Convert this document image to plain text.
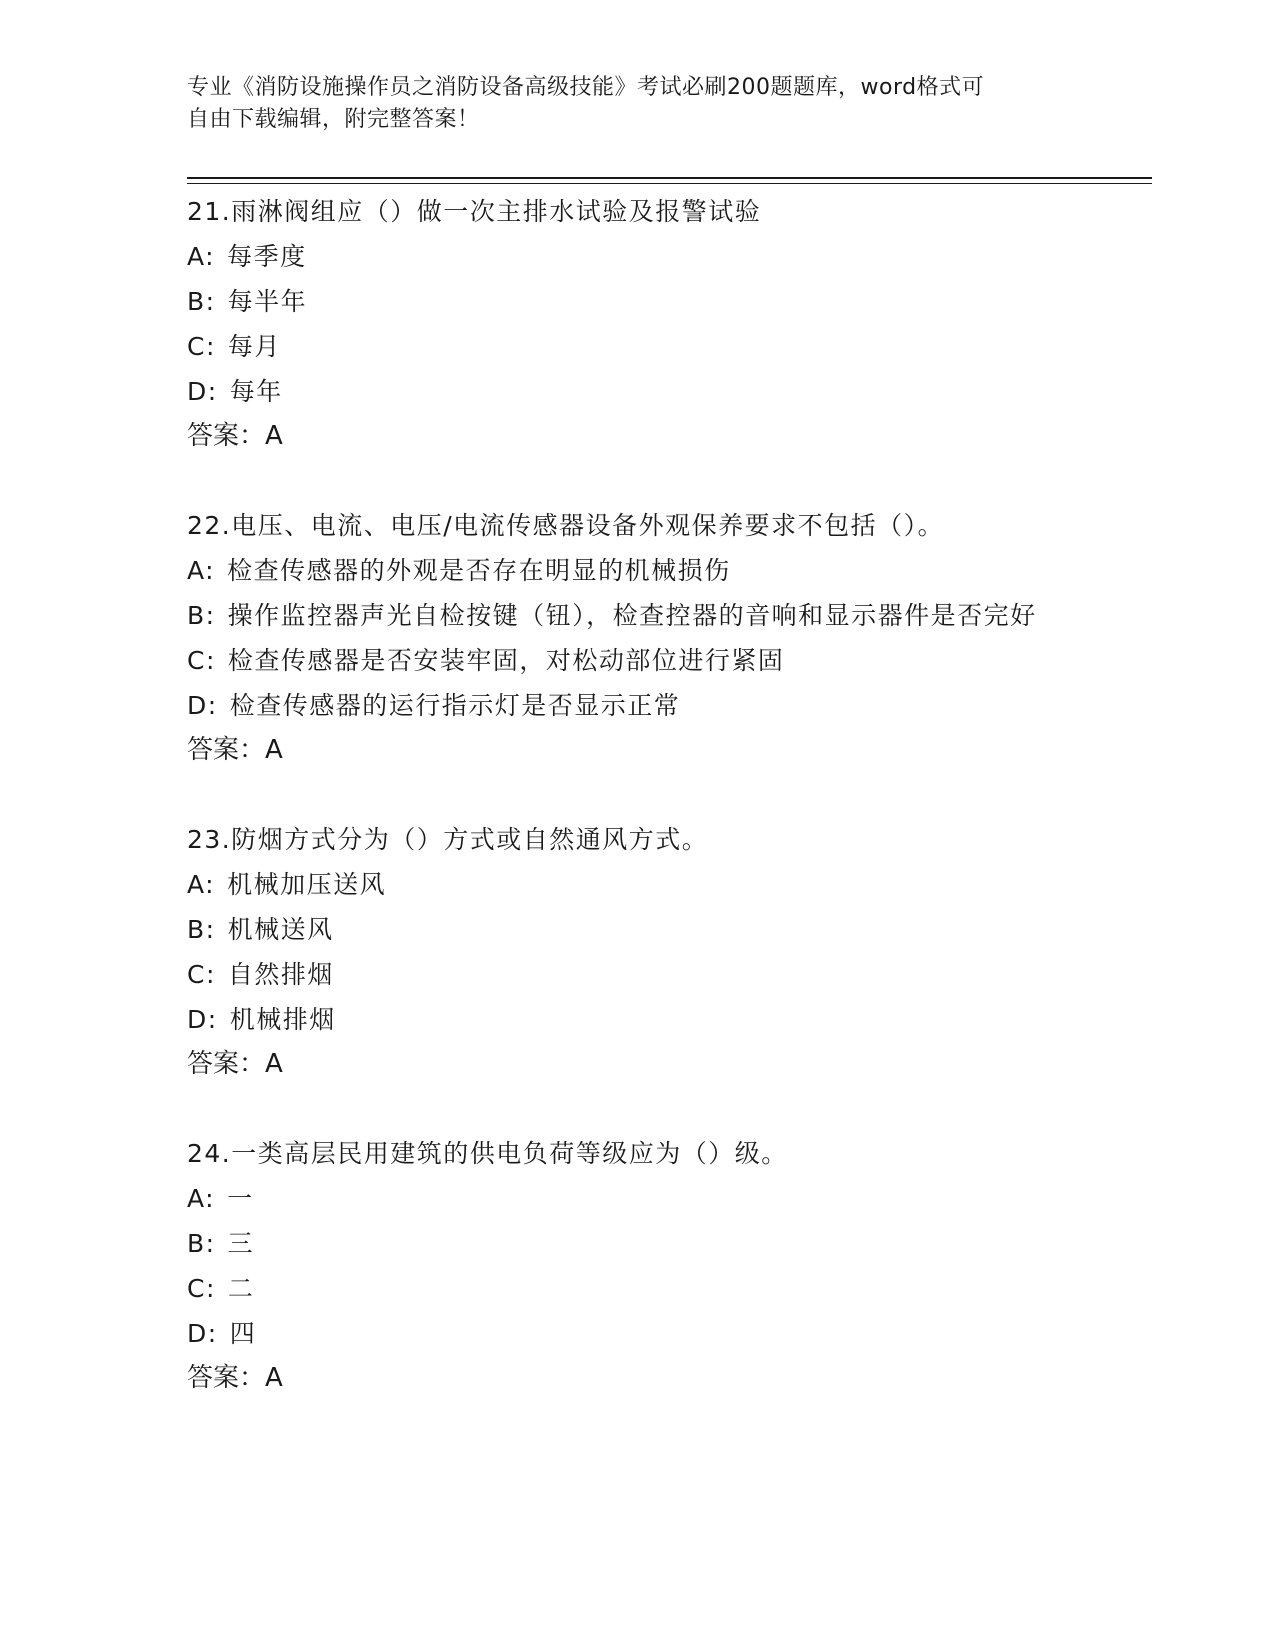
专业《消防设施操作员之消防设备高级技能》考试必刷200题题库，word格式可
自由下载编辑，附完整答案！
21.雨淋阀组应（）做一次主排水试验及报警试验
A: 每季度
B: 每半年
C: 每月
D: 每年
答案：A
22.电压、电流、电压/电流传感器设备外观保养要求不包括（）。
A: 检查传感器的外观是否存在明显的机械损伤
B: 操作监控器声光自检按键（钮），检查控器的音响和显示器件是否完好
C: 检查传感器是否安装牢固，对松动部位进行紧固
D: 检查传感器的运行指示灯是否显示正常
答案：A
23.防烟方式分为（）方式或自然通风方式。
A: 机械加压送风
B: 机械送风
C: 自然排烟
D: 机械排烟
答案：A
24.一类高层民用建筑的供电负荷等级应为（）级。
A: 一
B: 三
C: 二
D: 四
答案：A
